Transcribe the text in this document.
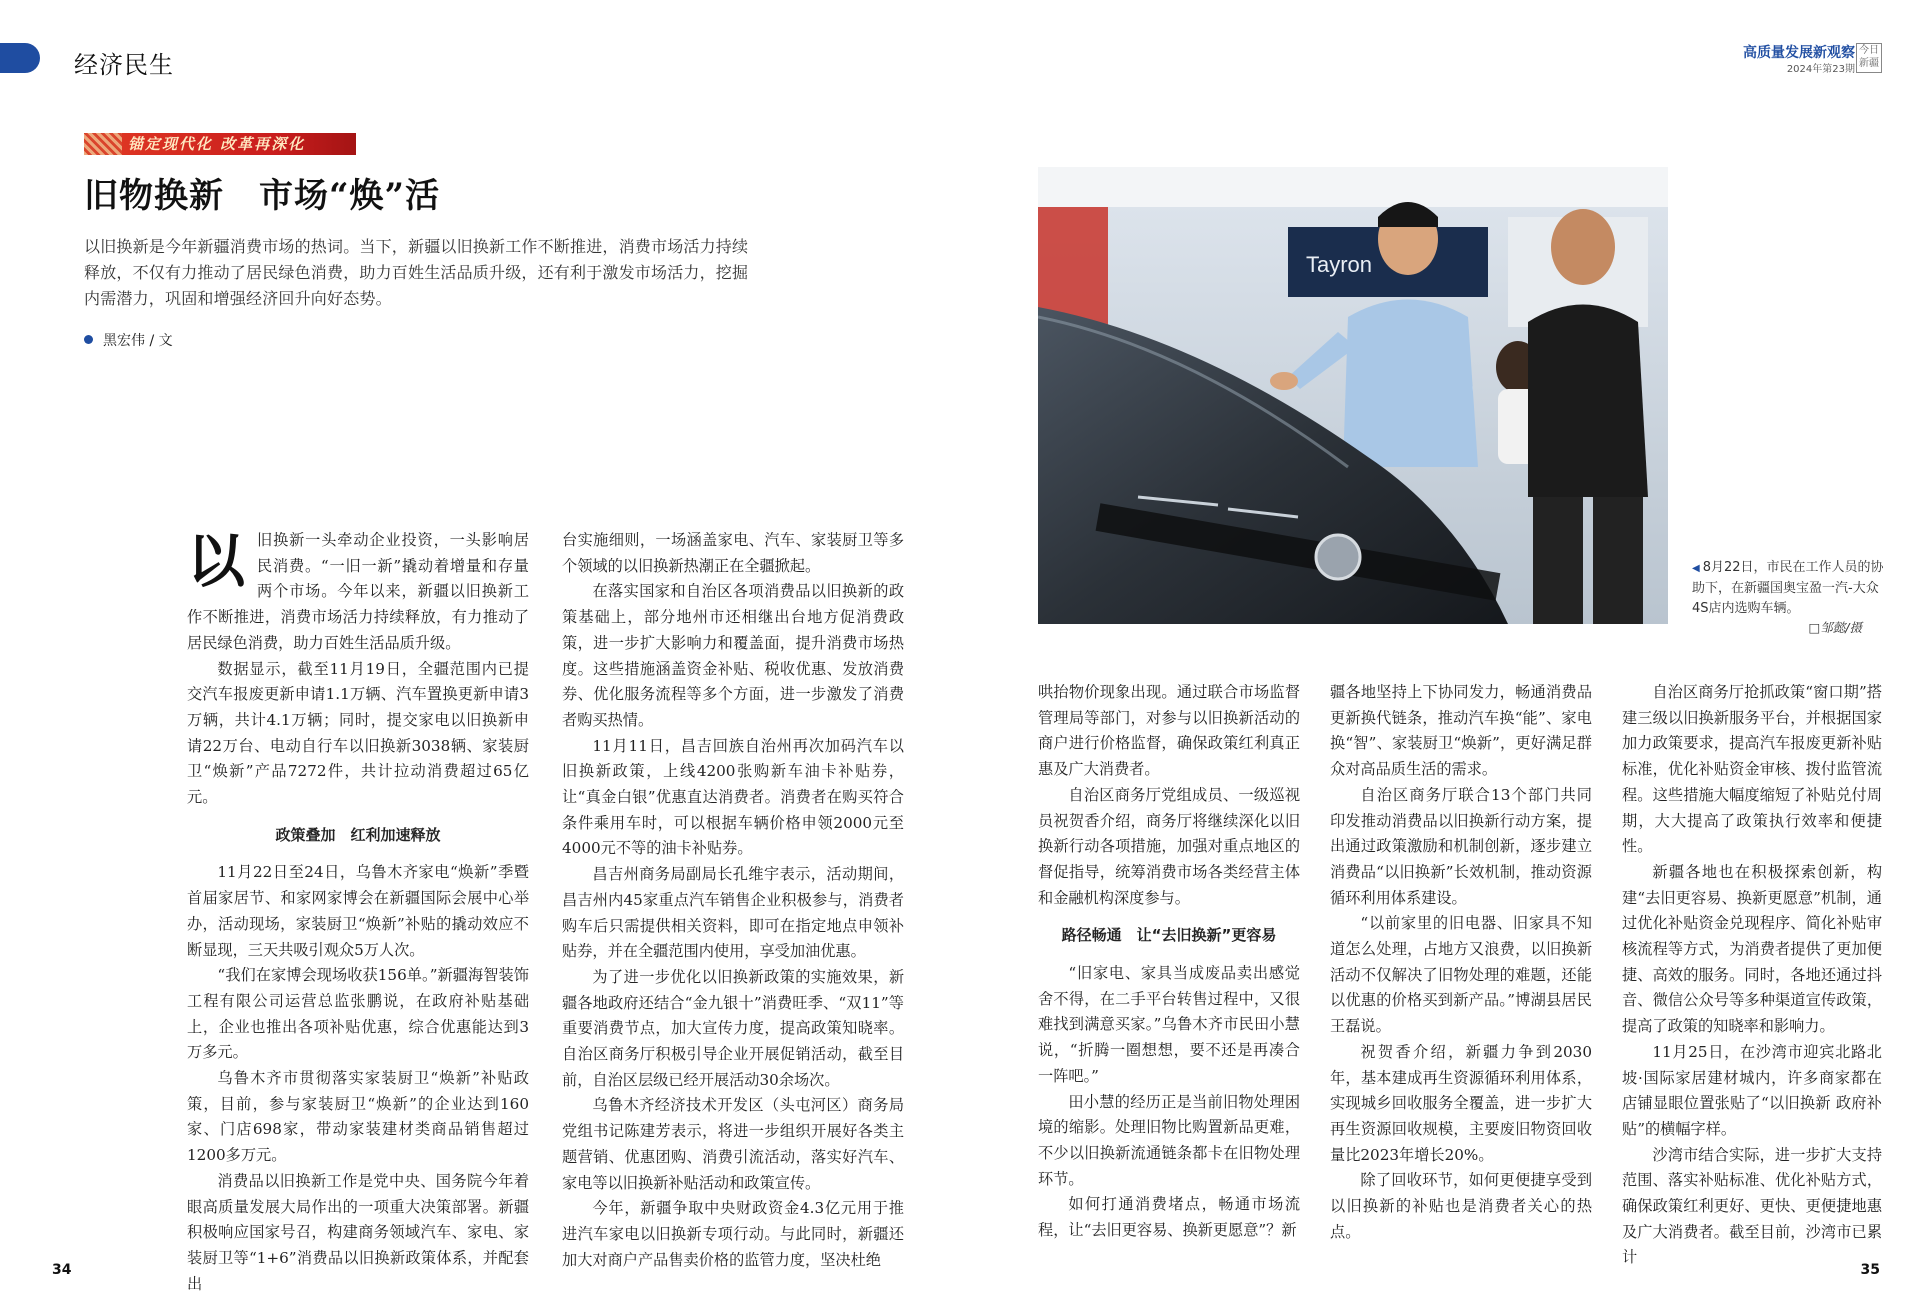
经济民生	高质量发展新观察
2024年第23期
今日新疆
锚定现代化 改革再深化
旧物换新　市场“焕”活
以旧换新是今年新疆消费市场的热词。当下，新疆以旧换新工作不断推进，消费市场活力持续释放，不仅有力推动了居民绿色消费，助力百姓生活品质升级，还有利于激发市场活力，挖掘内需潜力，巩固和增强经济回升向好态势。
黑宏伟 / 文
以 旧换新一头牵动企业投资，一头影响居民消费。“一旧一新”撬动着增量和存量两个市场。今年以来，新疆以旧换新工作不断推进，消费市场活力持续释放，有力推动了居民绿色消费，助力百姓生活品质升级。

数据显示，截至11月19日，全疆范围内已提交汽车报废更新申请1.1万辆、汽车置换更新申请3万辆，共计4.1万辆；同时，提交家电以旧换新申请22万台、电动自行车以旧换新3038辆、家装厨卫“焕新”产品7272件，共计拉动消费超过65亿元。

政策叠加　红利加速释放

11月22日至24日，乌鲁木齐家电“焕新”季暨首届家居节、和家网家博会在新疆国际会展中心举办，活动现场，家装厨卫“焕新”补贴的撬动效应不断显现，三天共吸引观众5万人次。

“我们在家博会现场收获156单。”新疆海智装饰工程有限公司运营总监张鹏说，在政府补贴基础上，企业也推出各项补贴优惠，综合优惠能达到3万多元。

乌鲁木齐市贯彻落实家装厨卫“焕新”补贴政策，目前，参与家装厨卫“焕新”的企业达到160家、门店698家，带动家装建材类商品销售超过1200多万元。

消费品以旧换新工作是党中央、国务院今年着眼高质量发展大局作出的一项重大决策部署。新疆积极响应国家号召，构建商务领域汽车、家电、家装厨卫等“1+6”消费品以旧换新政策体系，并配套出

台实施细则，一场涵盖家电、汽车、家装厨卫等多个领域的以旧换新热潮正在全疆掀起。

在落实国家和自治区各项消费品以旧换新的政策基础上，部分地州市还相继出台地方促消费政策，进一步扩大影响力和覆盖面，提升消费市场热度。这些措施涵盖资金补贴、税收优惠、发放消费券、优化服务流程等多个方面，进一步激发了消费者购买热情。

11月11日，昌吉回族自治州再次加码汽车以旧换新政策，上线4200张购新车油卡补贴券，让“真金白银”优惠直达消费者。消费者在购买符合条件乘用车时，可以根据车辆价格申领2000元至4000元不等的油卡补贴券。

昌吉州商务局副局长孔维宇表示，活动期间，昌吉州内45家重点汽车销售企业积极参与，消费者购车后只需提供相关资料，即可在指定地点申领补贴券，并在全疆范围内使用，享受加油优惠。

为了进一步优化以旧换新政策的实施效果，新疆各地政府还结合“金九银十”消费旺季、“双11”等重要消费节点，加大宣传力度，提高政策知晓率。自治区商务厅积极引导企业开展促销活动，截至目前，自治区层级已经开展活动30余场次。

乌鲁木齐经济技术开发区（头屯河区）商务局党组书记陈建芳表示，将进一步组织开展好各类主题营销、优惠团购、消费引流活动，落实好汽车、家电等以旧换新补贴活动和政策宣传。

今年，新疆争取中央财政资金4.3亿元用于推进汽车家电以旧换新专项行动。与此同时，新疆还加大对商户产品售卖价格的监管力度，坚决杜绝

Tayron
◀ 8月22日，市民在工作人员的协助下，在新疆国奥宝盈一汽-大众4S店内选购车辆。
□邹懿/摄

哄抬物价现象出现。通过联合市场监督管理局等部门，对参与以旧换新活动的商户进行价格监督，确保政策红利真正惠及广大消费者。

自治区商务厅党组成员、一级巡视员祝贺香介绍，商务厅将继续深化以旧换新行动各项措施，加强对重点地区的督促指导，统筹消费市场各类经营主体和金融机构深度参与。

路径畅通　让“去旧换新”更容易

“旧家电、家具当成废品卖出感觉舍不得，在二手平台转售过程中，又很难找到满意买家。”乌鲁木齐市民田小慧说，“折腾一圈想想，要不还是再凑合一阵吧。”

田小慧的经历正是当前旧物处理困境的缩影。处理旧物比购置新品更难，不少以旧换新流通链条都卡在旧物处理环节。

如何打通消费堵点，畅通市场流程，让“去旧更容易、换新更愿意”？新

疆各地坚持上下协同发力，畅通消费品更新换代链条，推动汽车换“能”、家电换“智”、家装厨卫“焕新”，更好满足群众对高品质生活的需求。

自治区商务厅联合13个部门共同印发推动消费品以旧换新行动方案，提出通过政策激励和机制创新，逐步建立消费品“以旧换新”长效机制，推动资源循环利用体系建设。

“以前家里的旧电器、旧家具不知道怎么处理，占地方又浪费，以旧换新活动不仅解决了旧物处理的难题，还能以优惠的价格买到新产品。”博湖县居民王磊说。

祝贺香介绍，新疆力争到2030年，基本建成再生资源循环利用体系，实现城乡回收服务全覆盖，进一步扩大再生资源回收规模，主要废旧物资回收量比2023年增长20%。

除了回收环节，如何更便捷享受到以旧换新的补贴也是消费者关心的热点。

自治区商务厅抢抓政策“窗口期”搭建三级以旧换新服务平台，并根据国家加力政策要求，提高汽车报废更新补贴标准，优化补贴资金审核、拨付监管流程。这些措施大幅度缩短了补贴兑付周期，大大提高了政策执行效率和便捷性。

新疆各地也在积极探索创新，构建“去旧更容易、换新更愿意”机制，通过优化补贴资金兑现程序、简化补贴审核流程等方式，为消费者提供了更加便捷、高效的服务。同时，各地还通过抖音、微信公众号等多种渠道宣传政策，提高了政策的知晓率和影响力。

11月25日，在沙湾市迎宾北路北坡·国际家居建材城内，许多商家都在店铺显眼位置张贴了“以旧换新 政府补贴”的横幅字样。

沙湾市结合实际，进一步扩大支持范围、落实补贴标准、优化补贴方式，确保政策红利更好、更快、更便捷地惠及广大消费者。截至目前，沙湾市已累计

34	35
